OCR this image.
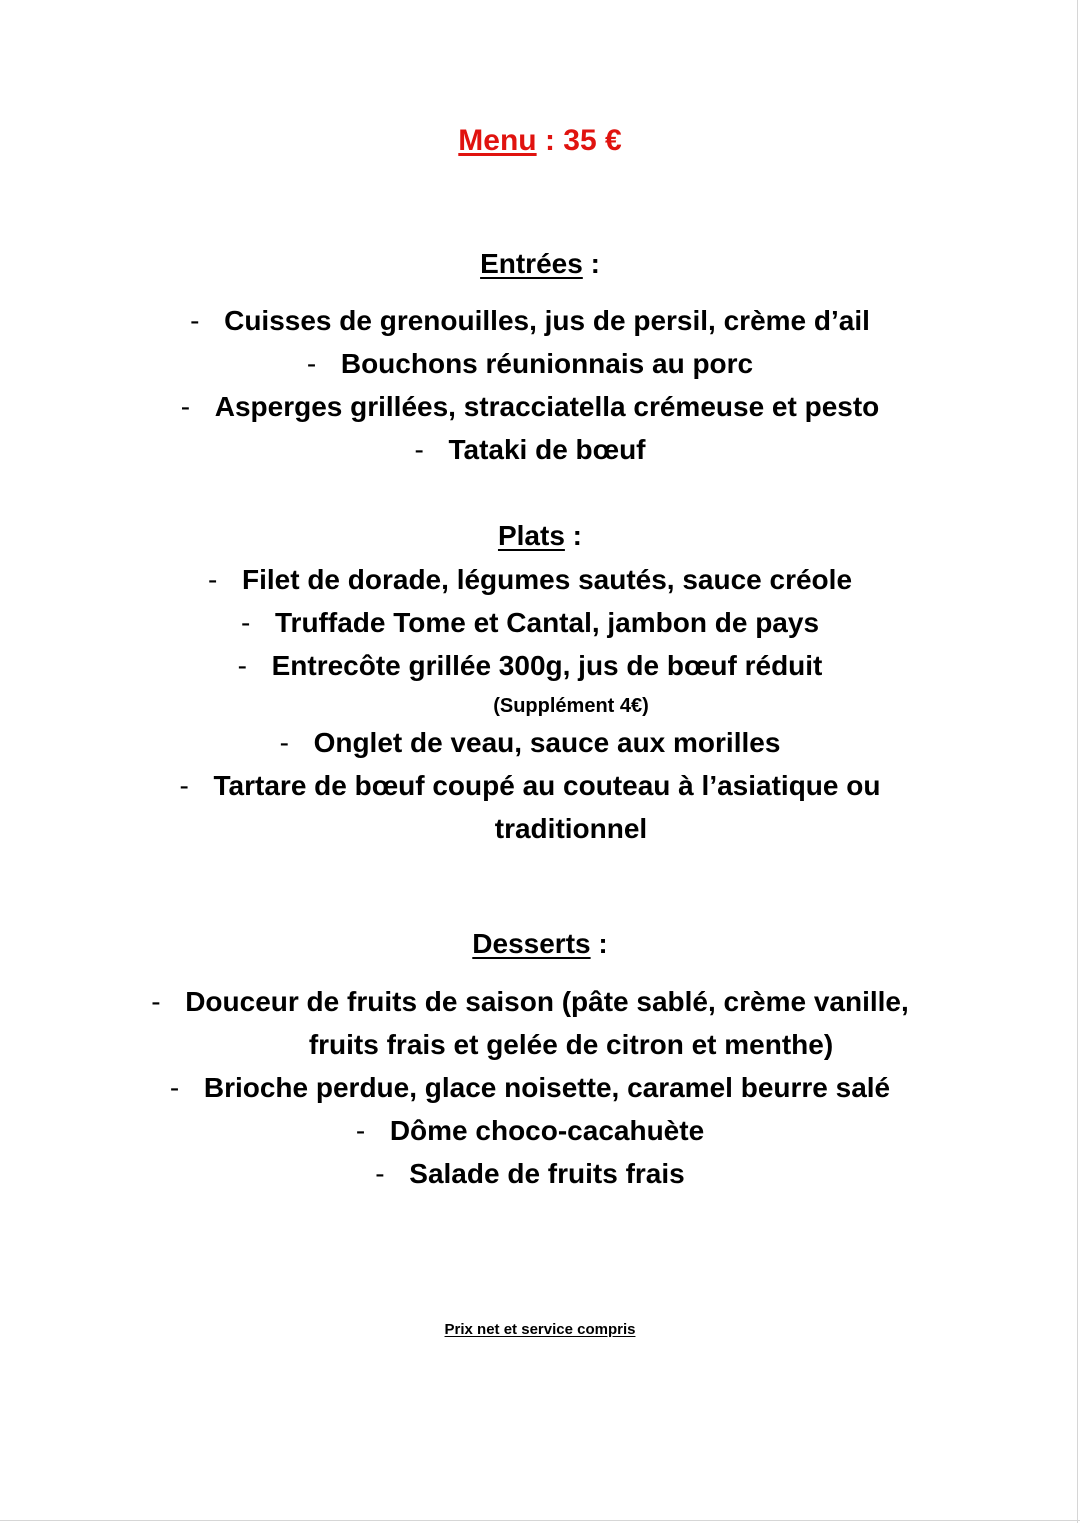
Menu : 35 €
Entrées :
- Cuisses de grenouilles, jus de persil, crème d’ail
- Bouchons réunionnais au porc
- Asperges grillées, stracciatella crémeuse et pesto
- Tataki de bœuf
Plats :
- Filet de dorade, légumes sautés, sauce créole
- Truffade Tome et Cantal, jambon de pays
- Entrecôte grillée 300g, jus de bœuf réduit
(Supplément 4€)
- Onglet de veau, sauce aux morilles
- Tartare de bœuf coupé au couteau à l’asiatique ou
traditionnel
Desserts :
- Douceur de fruits de saison (pâte sablé, crème vanille,
fruits frais et gelée de citron et menthe)
- Brioche perdue, glace noisette, caramel beurre salé
- Dôme choco-cacahuète
- Salade de fruits frais
Prix net et service compris
